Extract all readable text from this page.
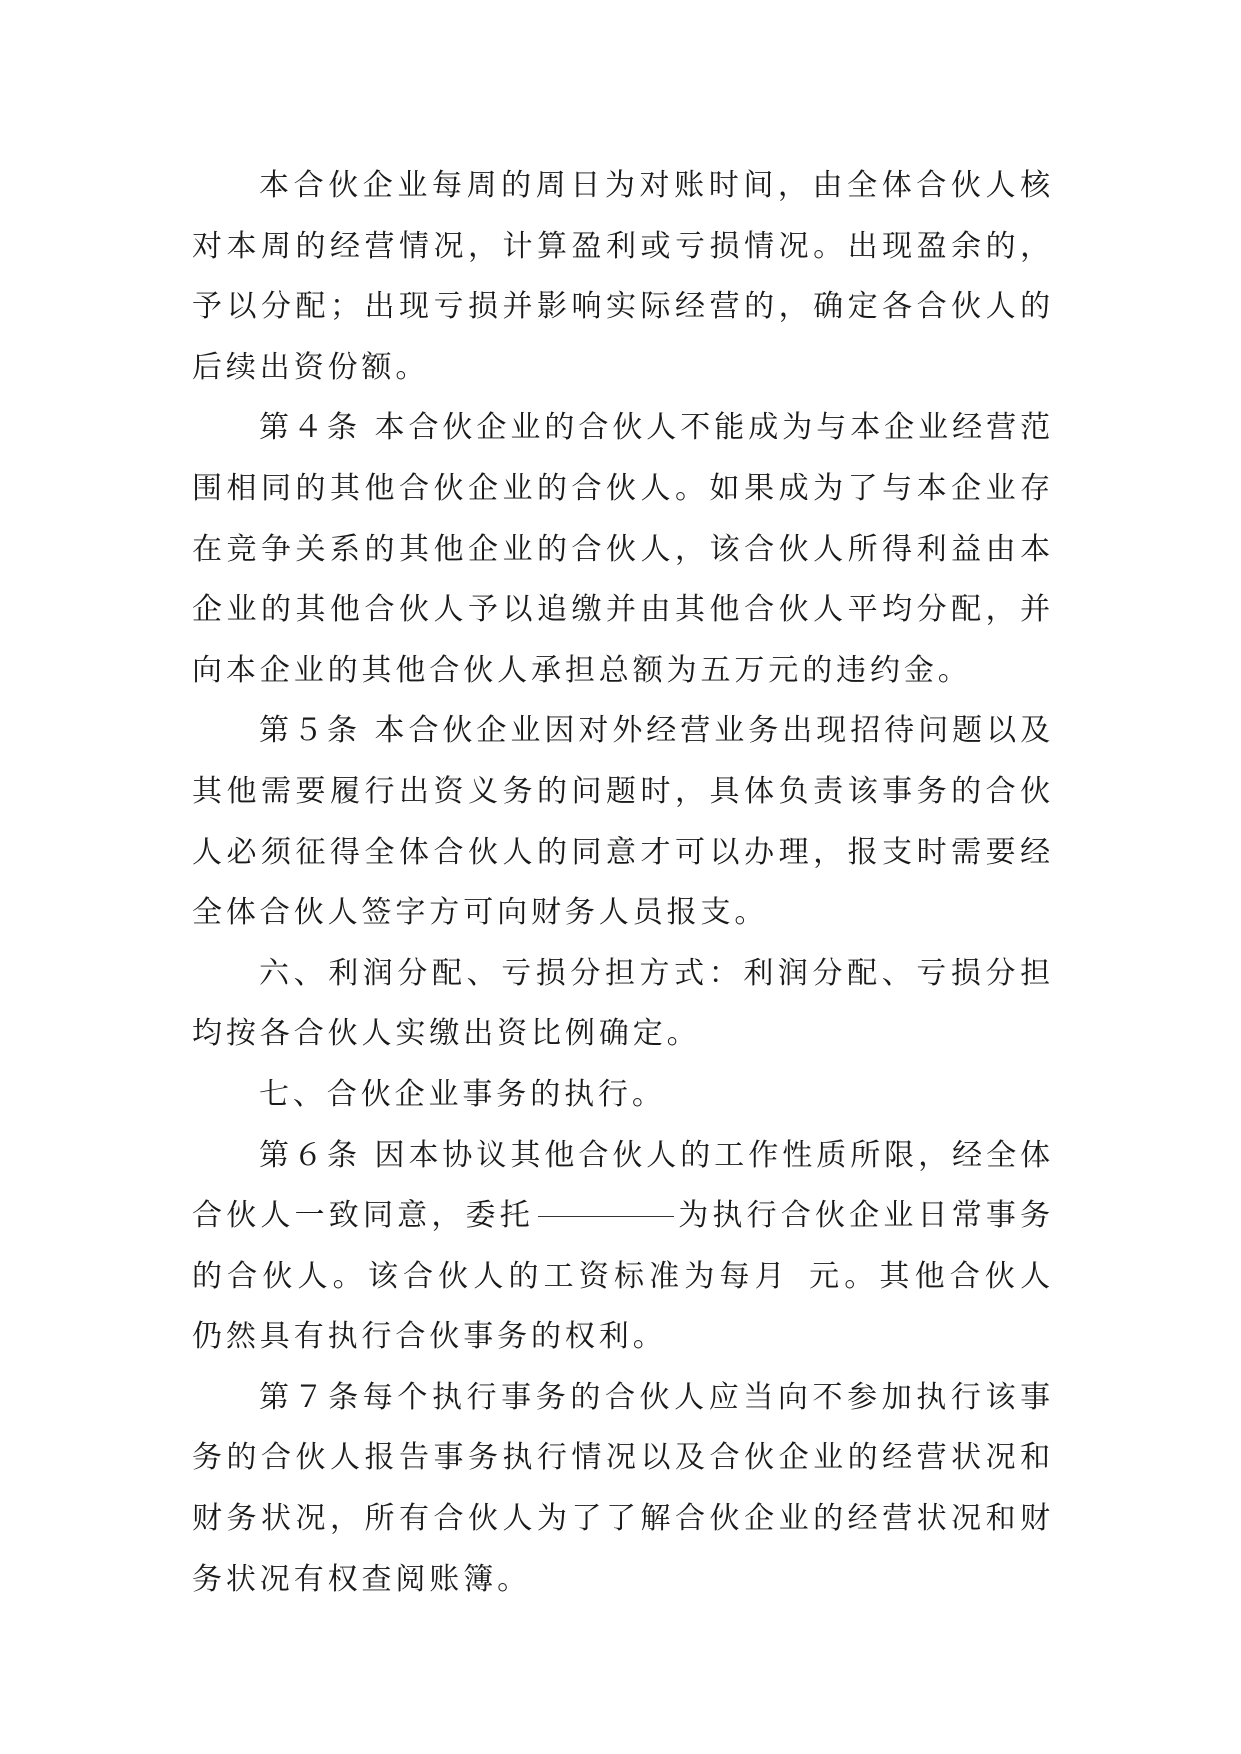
本合伙企业每周的周日为对账时间，由全体合伙人核对本周的经营情况，计算盈利或亏损情况。出现盈余的，予以分配；出现亏损并影响实际经营的，确定各合伙人的后续出资份额。

第４条 本合伙企业的合伙人不能成为与本企业经营范围相同的其他合伙企业的合伙人。如果成为了与本企业存在竞争关系的其他企业的合伙人，该合伙人所得利益由本企业的其他合伙人予以追缴并由其他合伙人平均分配，并向本企业的其他合伙人承担总额为五万元的违约金。

第５条 本合伙企业因对外经营业务出现招待问题以及其他需要履行出资义务的问题时，具体负责该事务的合伙人必须征得全体合伙人的同意才可以办理，报支时需要经全体合伙人签字方可向财务人员报支。

六、利润分配、亏损分担方式：利润分配、亏损分担均按各合伙人实缴出资比例确定。

七、合伙企业事务的执行。

第６条 因本协议其他合伙人的工作性质所限，经全体合伙人一致同意，委托	为执行合伙企业日常事务的合伙人。该合伙人的工资标准为每月 元。其他合伙人仍然具有执行合伙事务的权利。

第７条每个执行事务的合伙人应当向不参加执行该事务的合伙人报告事务执行情况以及合伙企业的经营状况和财务状况，所有合伙人为了了解合伙企业的经营状况和财务状况有权查阅账簿。
